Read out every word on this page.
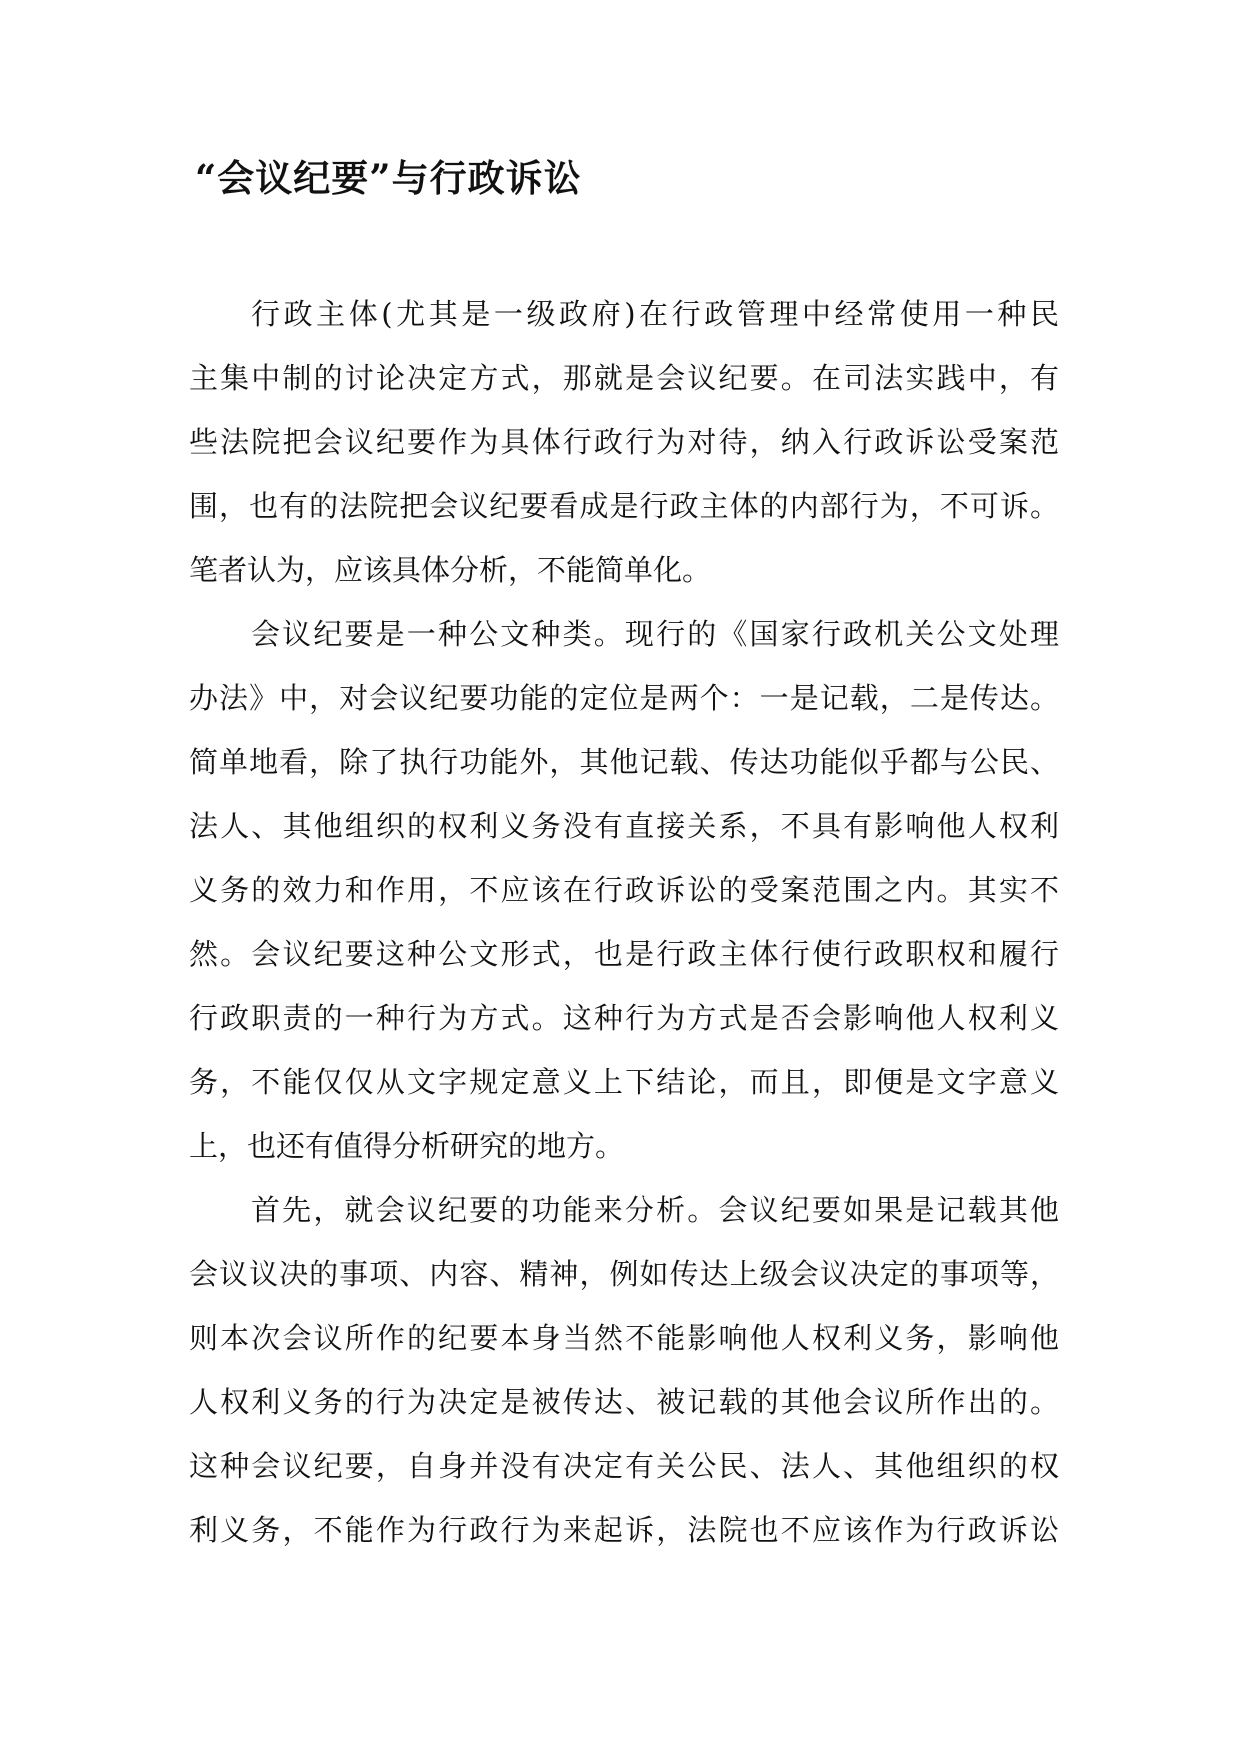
“会议纪要”与行政诉讼
行政主体(尤其是一级政府)在行政管理中经常使用一种民
主集中制的讨论决定方式，那就是会议纪要。在司法实践中，有
些法院把会议纪要作为具体行政行为对待，纳入行政诉讼受案范
围，也有的法院把会议纪要看成是行政主体的内部行为，不可诉。
笔者认为，应该具体分析，不能简单化。
会议纪要是一种公文种类。现行的《国家行政机关公文处理
办法》中，对会议纪要功能的定位是两个：一是记载，二是传达。
简单地看，除了执行功能外，其他记载、传达功能似乎都与公民、
法人、其他组织的权利义务没有直接关系，不具有影响他人权利
义务的效力和作用，不应该在行政诉讼的受案范围之内。其实不
然。会议纪要这种公文形式，也是行政主体行使行政职权和履行
行政职责的一种行为方式。这种行为方式是否会影响他人权利义
务，不能仅仅从文字规定意义上下结论，而且，即便是文字意义
上，也还有值得分析研究的地方。
首先，就会议纪要的功能来分析。会议纪要如果是记载其他
会议议决的事项、内容、精神，例如传达上级会议决定的事项等，
则本次会议所作的纪要本身当然不能影响他人权利义务，影响他
人权利义务的行为决定是被传达、被记载的其他会议所作出的。
这种会议纪要，自身并没有决定有关公民、法人、其他组织的权
利义务，不能作为行政行为来起诉，法院也不应该作为行政诉讼
